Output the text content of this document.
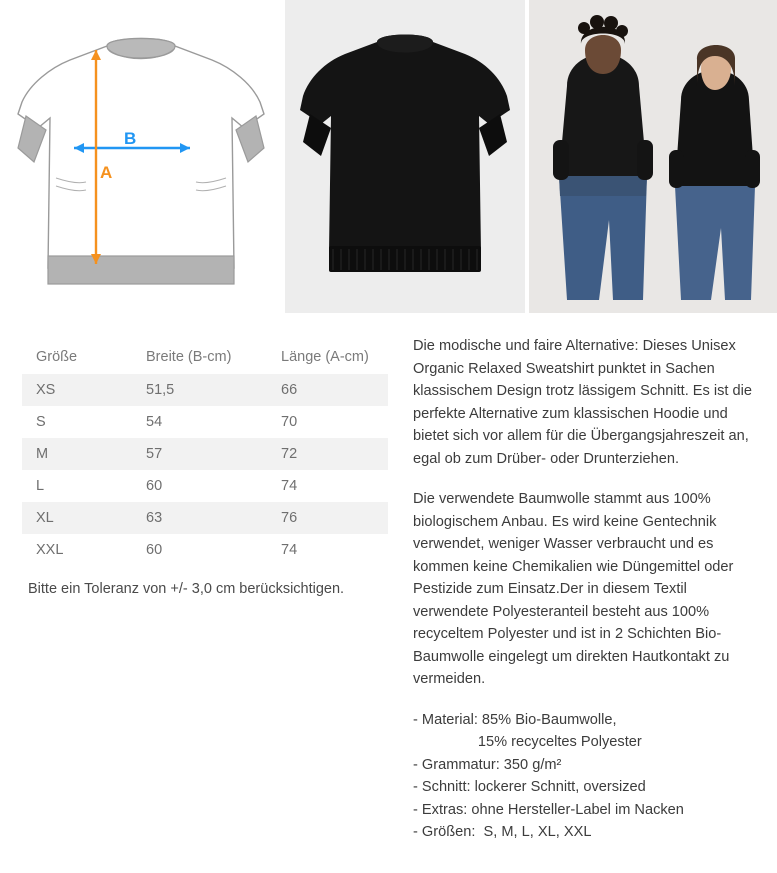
B
A
Größe	Breite (B-cm)	Länge (A-cm)
XS	51,5	66
S	54	70
M	57	72
L	60	74
XL	63	76
XXL	60	74
Bitte ein Toleranz von +/- 3,0 cm berücksichtigen.

Die modische und faire Alternative: Dieses Unisex Organic Relaxed Sweatshirt punktet in Sachen klassischem Design trotz lässigem Schnitt. Es ist die perfekte Alternative zum klassischen Hoodie und bietet sich vor allem für die Übergangsjahreszeit an, egal ob zum Drüber- oder Drunterziehen.

Die verwendete Baumwolle stammt aus 100% biologischem Anbau. Es wird keine Gentechnik verwendet, weniger Wasser verbraucht und es kommen keine Chemikalien wie Düngemittel oder Pestizide zum Einsatz.Der in diesem Textil verwendete Polyesteranteil besteht aus 100% recyceltem Polyester und ist in 2 Schichten Bio-Baumwolle eingelegt um direkten Hautkontakt zu vermeiden.

- Material: 85% Bio-Baumwolle,
15% recyceltes Polyester
- Grammatur: 350 g/m²
- Schnitt: lockerer Schnitt, oversized
- Extras: ohne Hersteller-Label im Nacken
- Größen:  S, M, L, XL, XXL
